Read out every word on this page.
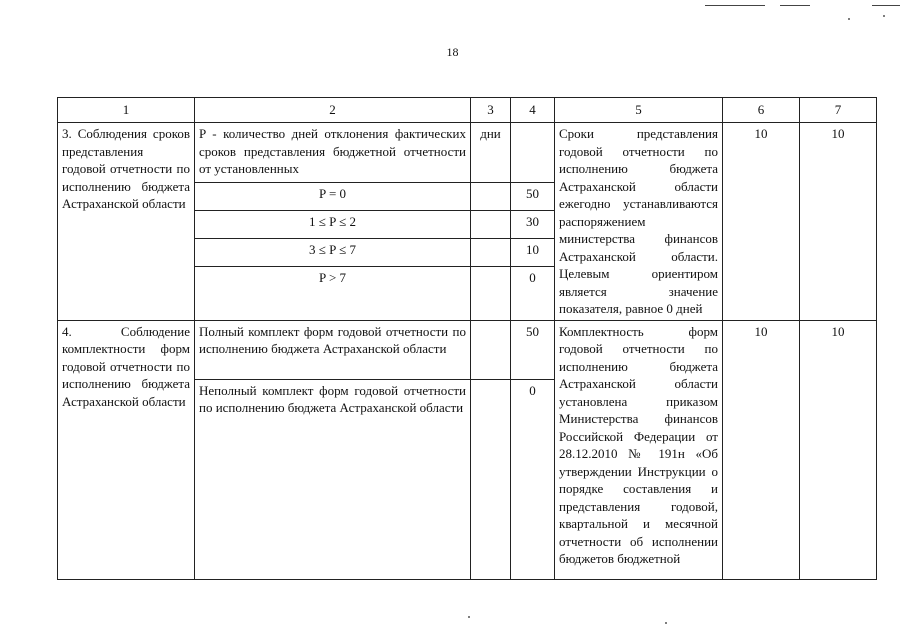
18
1	2	3	4	5	6	7
3. Соблюдения сроков представления годовой отчетности по исполнению бюджета Астраханской области	P - количество дней отклонения фактических сроков представления бюджетной отчетности от установленных	дни		Сроки представления годовой отчетности по исполнению бюджета Астраханской области ежегодно устанавливаются распоряжением министерства финансов Астраханской области. Целевым ориентиром является значение показателя, равное 0 дней	10	10
	P = 0		50			
	1 ≤ P ≤ 2		30			
	3 ≤ P ≤ 7		10			
	P > 7		0			
4. Соблюдение комплектности форм годовой отчетности по исполнению бюджета Астраханской области	Полный комплект форм годовой отчетности по исполнению бюджета Астраханской области		50	Комплектность форм годовой отчетности по исполнению бюджета Астраханской области установлена приказом Министерства финансов Российской Федерации от 28.12.2010 № 191н «Об утверждении Инструкции о порядке составления и представления годовой, квартальной и месячной отчетности об исполнении бюджетов бюджетной	10	10
	Неполный комплект форм годовой отчетности по исполнению бюджета Астраханской области		0			
